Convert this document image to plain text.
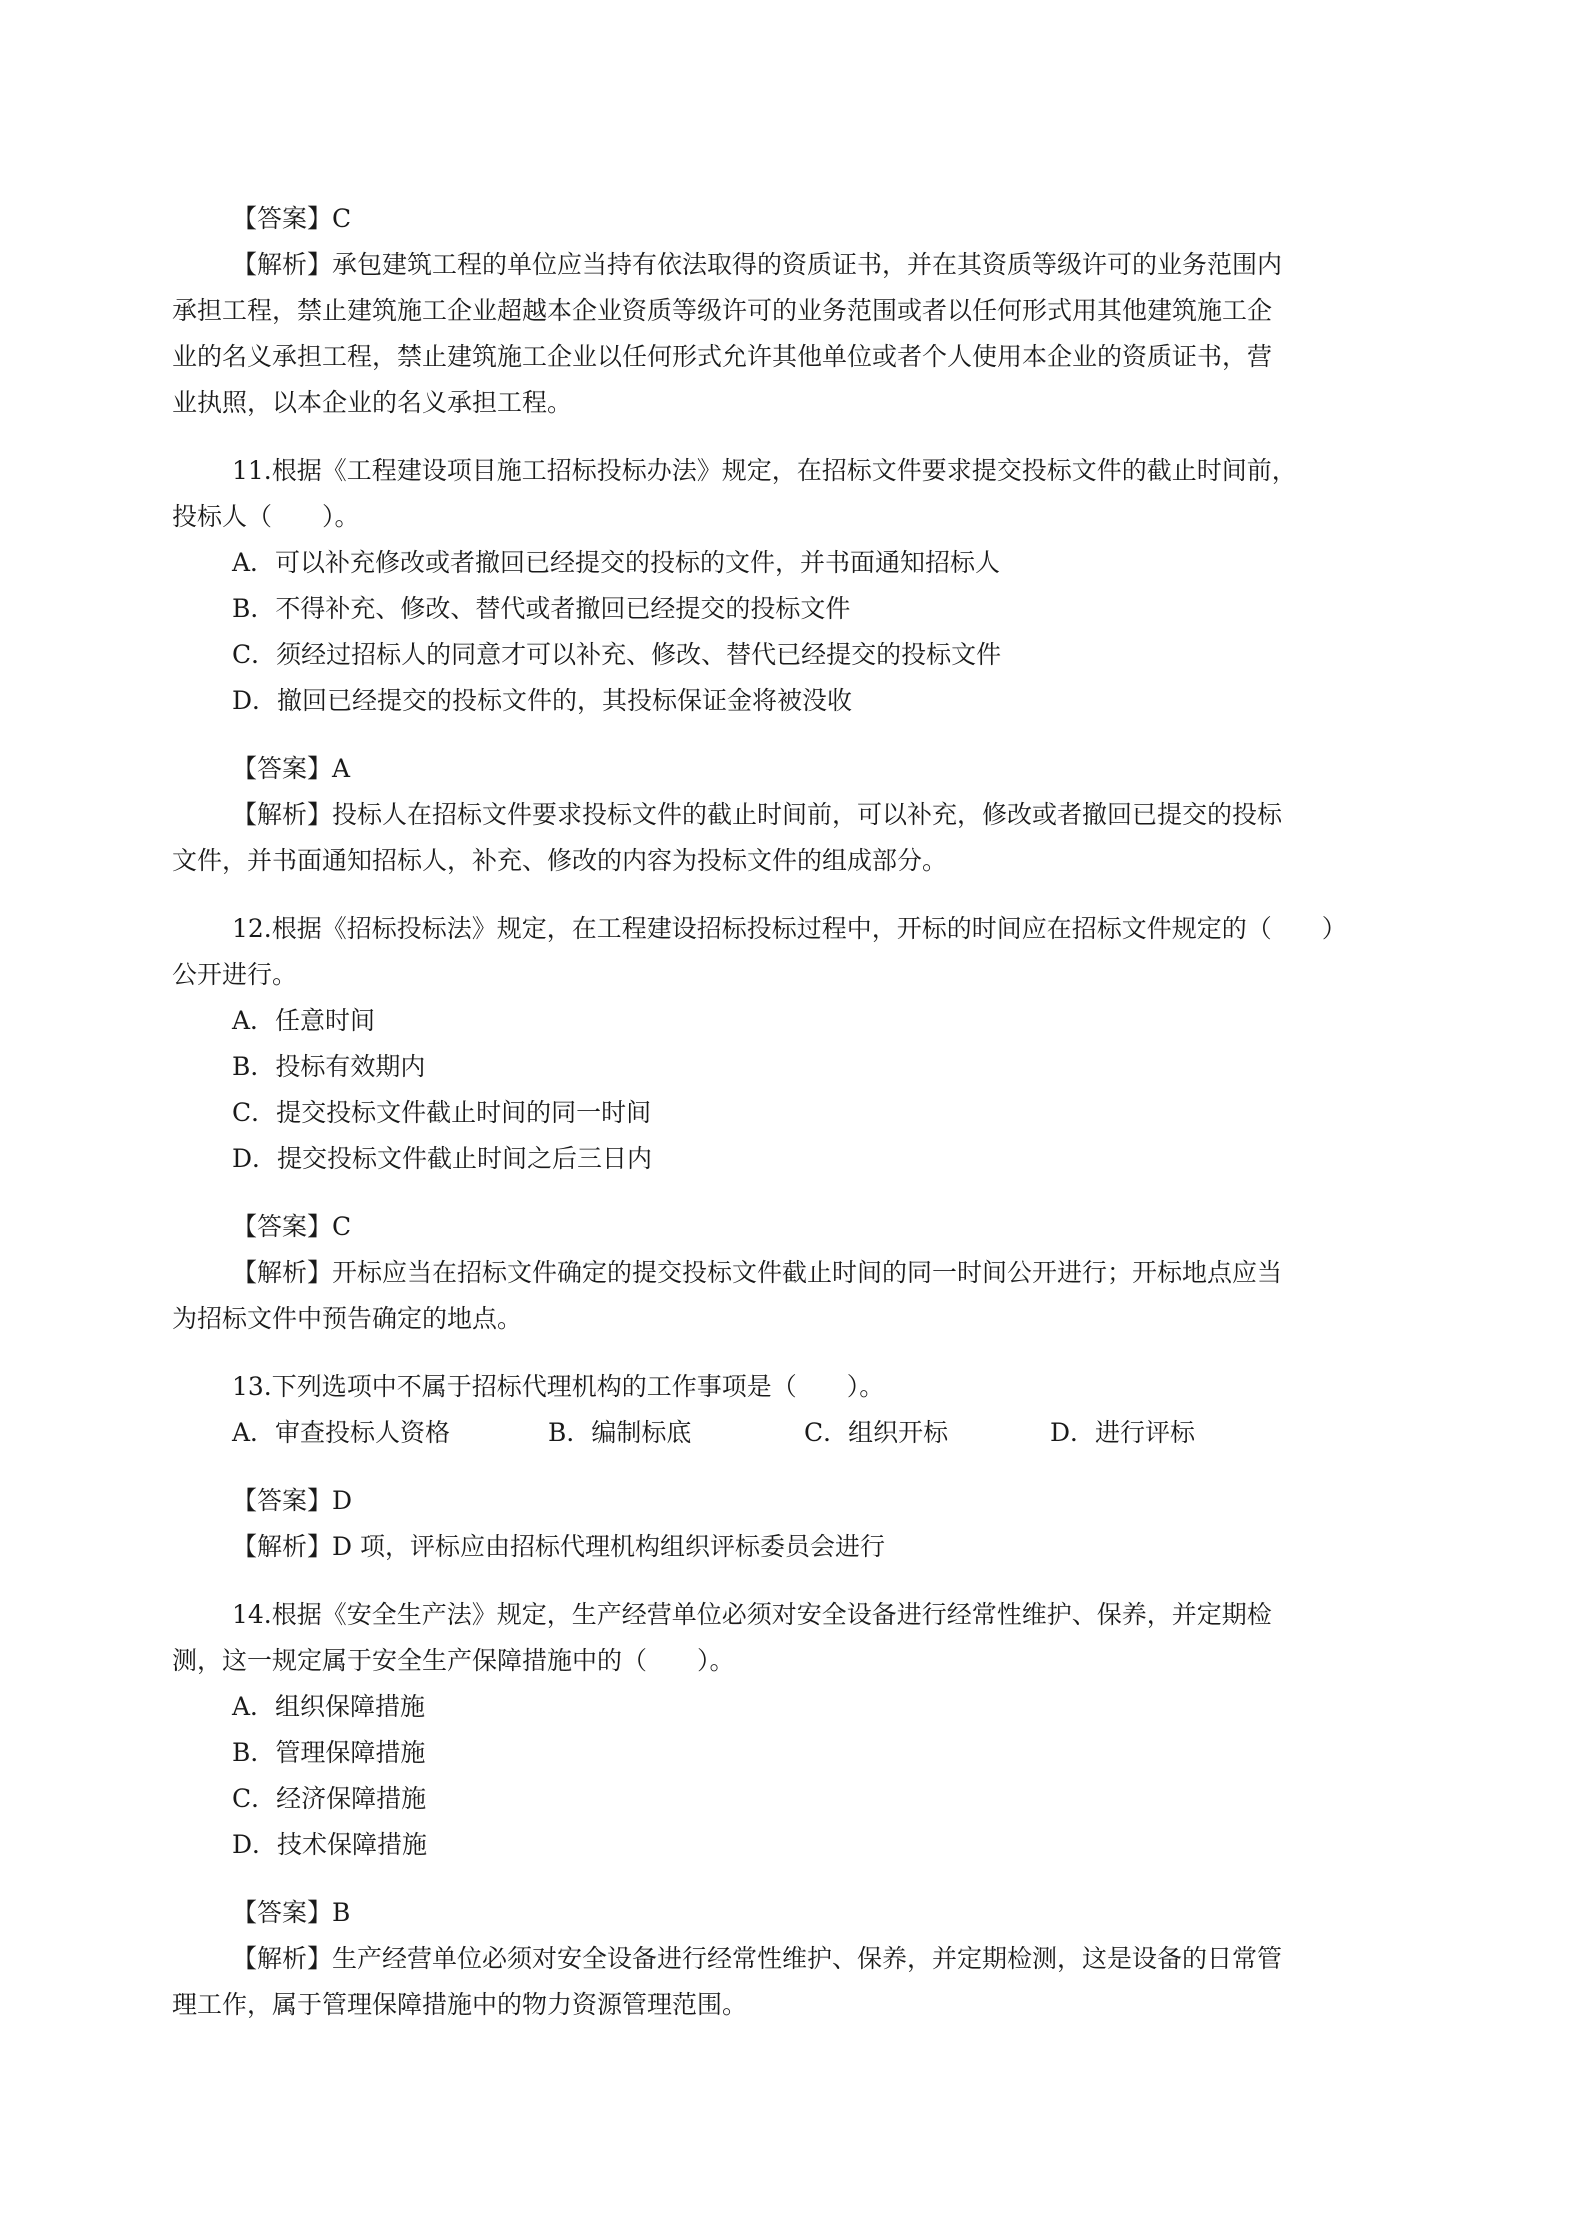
【答案】C

【解析】承包建筑工程的单位应当持有依法取得的资质证书，并在其资质等级许可的业务范围内

承担工程，禁止建筑施工企业超越本企业资质等级许可的业务范围或者以任何形式用其他建筑施工企

业的名义承担工程，禁止建筑施工企业以任何形式允许其他单位或者个人使用本企业的资质证书，营

业执照，以本企业的名义承担工程。

11.根据《工程建设项目施工招标投标办法》规定，在招标文件要求提交投标文件的截止时间前，

投标人（　　）。

A．可以补充修改或者撤回已经提交的投标的文件，并书面通知招标人

B．不得补充、修改、替代或者撤回已经提交的投标文件

C．须经过招标人的同意才可以补充、修改、替代已经提交的投标文件

D．撤回已经提交的投标文件的，其投标保证金将被没收

【答案】A

【解析】投标人在招标文件要求投标文件的截止时间前，可以补充，修改或者撤回已提交的投标

文件，并书面通知招标人，补充、修改的内容为投标文件的组成部分。

12.根据《招标投标法》规定，在工程建设招标投标过程中，开标的时间应在招标文件规定的（　　）

公开进行。

A．任意时间

B．投标有效期内

C．提交投标文件截止时间的同一时间

D．提交投标文件截止时间之后三日内

【答案】C

【解析】开标应当在招标文件确定的提交投标文件截止时间的同一时间公开进行；开标地点应当

为招标文件中预告确定的地点。

13.下列选项中不属于招标代理机构的工作事项是（　　）。

A．审查投标人资格	B．编制标底	C．组织开标	D．进行评标

【答案】D

【解析】D 项，评标应由招标代理机构组织评标委员会进行

14.根据《安全生产法》规定，生产经营单位必须对安全设备进行经常性维护、保养，并定期检

测，这一规定属于安全生产保障措施中的（　　）。

A．组织保障措施

B．管理保障措施

C．经济保障措施

D．技术保障措施

【答案】B

【解析】生产经营单位必须对安全设备进行经常性维护、保养，并定期检测，这是设备的日常管

理工作，属于管理保障措施中的物力资源管理范围。
